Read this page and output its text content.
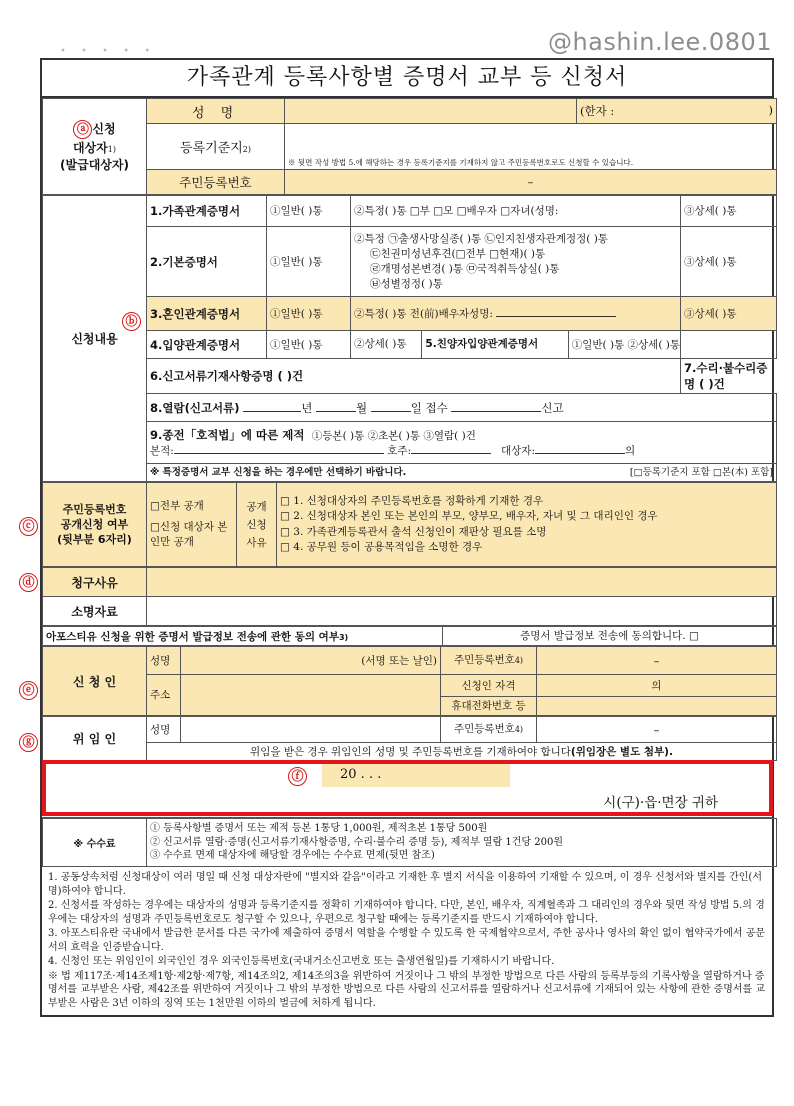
• • • • •	@hashin.lee.0801
가족관계 등록사항별 증명서 교부 등 신청서
ⓐ 신청
대상자1)
(발급대상자)	성 명		(한자 : )

	등록기준지2)	※ 뒷면 작성 방법 5.에 해당하는 경우 등록기준지를 기재하지 않고 주민등록번호로도 신청할 수 있습니다.	

	주민등록번호	–	
ⓑ
신청내용	1.가족관계증명서	①일반( )통	②특정( )통 □부 □모 □배우자 □자녀(성명:	③상세( )통
	2.기본증명서	①일반( )통	②특정 ㉠출생사망실종( )통 ㉡인지친생자관계정정( )통
㉢친권미성년후견(□전부 □현재)( )통
㉣개명성본변경( )통 ㉤국적취득상실( )통
㉥성별정정( )통	③상세( )통
	3.혼인관계증명서	①일반( )통	②특정( )통 전(前)배우자성명:	③상세( )통
	4.입양관계증명서	①일반( )통	②상세( )통 5.친양자입양관계증명서 ①일반( )통 ②상세( )통	

	6.신고서류기재사항증명 ( )건			7.수리·불수리증명 ( )건
	8.열람(신고서류) 년 월 일 접수 신고			

	9.종전「호적법」에 따른 제적 ①등본( )통 ②초본( )통 ③열람( )건
본적: 호주: 대상자: 의			

	※ 특정증명서 교부 신청을 하는 경우에만 선택하기 바랍니다. [□등록기준지 포함 □본(本) 포함]			
ⓒ
주민등록번호
공개신청 여부
(뒷부분 6자리)	
□전부 공개
□신청 대상자 본인만 공개
	공개 신청 사유	
□ 1. 신청대상자의 주민등록번호를 정확하게 기재한 경우
□ 2. 신청대상자 본인 또는 본인의 부모, 양부모, 배우자, 자녀 및 그 대리인인 경우
□ 3. 가족관계등록관서 출석 신청인이 재판상 필요를 소명
□ 4. 공무원 등이 공용목적임을 소명한 경우
ⓓ 청구사유	
소명자료	
아포스티유 신청을 위한 증명서 발급정보 전송에 관한 동의 여부3)	증명서 발급정보 전송에 동의합니다. □
ⓔ
신 청 인	성명	(서명 또는 날인)	주민등록번호4)	–
	주소		신청인 자격	의
			휴대전화번호 등	
ⓖ	위 임 인	성명		주민등록번호4)	–
위임을 받은 경우 위임인의 성명 및 주민등록번호를 기재하여야 합니다(위임장은 별도 첨부).
ⓕ	20 . . .
시(구)·읍·면장 귀하
※ 수수료	
① 등록사항별 증명서 또는 제적 등본 1통당 1,000원, 제적초본 1통당 500원
② 신고서류 열람·증명(신고서류기재사항증명, 수리·불수리 증명 등), 제적부 열람 1건당 200원
③ 수수료 면제 대상자에 해당할 경우에는 수수료 면제(뒷면 참조)
1. 공동상속처럼 신청대상이 여러 명일 때 신청 대상자란에 "별지와 같음"이라고 기재한 후 별지 서식을 이용하여 기재할 수 있으며, 이 경우 신청서와 별지를 간인(서명)하여야 합니다.
2. 신청서를 작성하는 경우에는 대상자의 성명과 등록기준지를 정확히 기재하여야 합니다. 다만, 본인, 배우자, 직계혈족과 그 대리인의 경우와 뒷면 작성 방법 5.의 경우에는 대상자의 성명과 주민등록번호로도 청구할 수 있으나, 우편으로 청구할 때에는 등록기준지를 반드시 기재하여야 합니다.
3. 아포스티유란 국내에서 발급한 문서를 다른 국가에 제출하여 증명서 역할을 수행할 수 있도록 한 국제협약으로서, 주한 공사나 영사의 확인 없이 협약국가에서 공문서의 효력을 인증받습니다.
4. 신청인 또는 위임인이 외국인인 경우 외국인등록번호(국내거소신고번호 또는 출생연월일)를 기재하시기 바랍니다.
※ 법 제117조·제14조제1항·제2항·제7항, 제14조의2, 제14조의3을 위반하여 거짓이나 그 밖의 부정한 방법으로 다른 사람의 등록부등의 기록사항을 열람하거나 증명서를 교부받은 사람, 제42조를 위반하여 거짓이나 그 밖의 부정한 방법으로 다른 사람의 신고서류를 열람하거나 신고서류에 기재되어 있는 사항에 관한 증명서를 교부받은 사람은 3년 이하의 징역 또는 1천만원 이하의 벌금에 처하게 됩니다.
